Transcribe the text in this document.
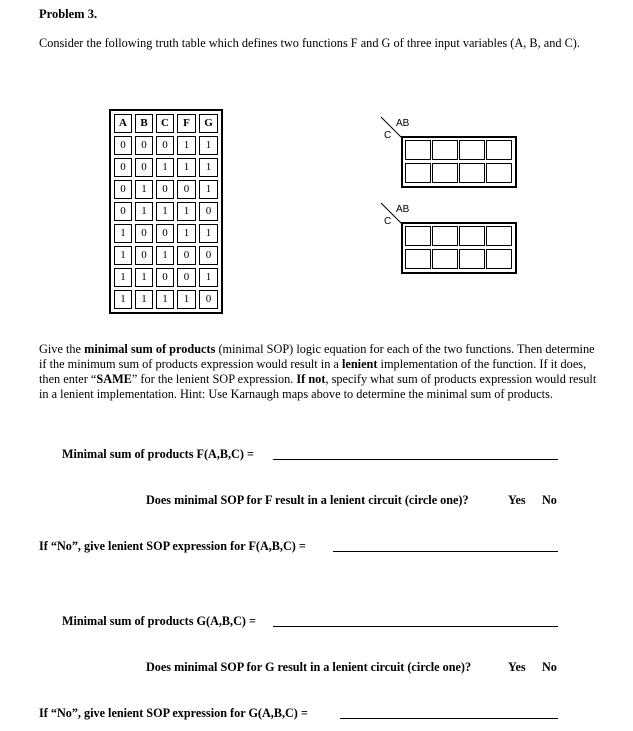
Problem 3.
Consider the following truth table which defines two functions F and G of three input variables (A, B, and C).
A	B	C	F	G
0	0	0	1	1
0	0	1	1	1
0	1	0	0	1
0	1	1	1	0
1	0	0	1	1
1	0	1	0	0
1	1	0	0	1
1	1	1	1	0
AB
C
AB
C
Give the minimal sum of products (minimal SOP) logic equation for each of the two functions. Then determine if the minimum sum of products expression would result in a lenient implementation of the function. If it does, then enter “SAME” for the lenient SOP expression. If not, specify what sum of products expression would result in a lenient implementation. Hint: Use Karnaugh maps above to determine the minimal sum of products.
Minimal sum of products F(A,B,C) =
Does minimal SOP for F result in a lenient circuit (circle one)?	Yes No
If “No”, give lenient SOP expression for F(A,B,C) =
Minimal sum of products G(A,B,C) =
Does minimal SOP for G result in a lenient circuit (circle one)?	Yes No
If “No”, give lenient SOP expression for G(A,B,C) =
